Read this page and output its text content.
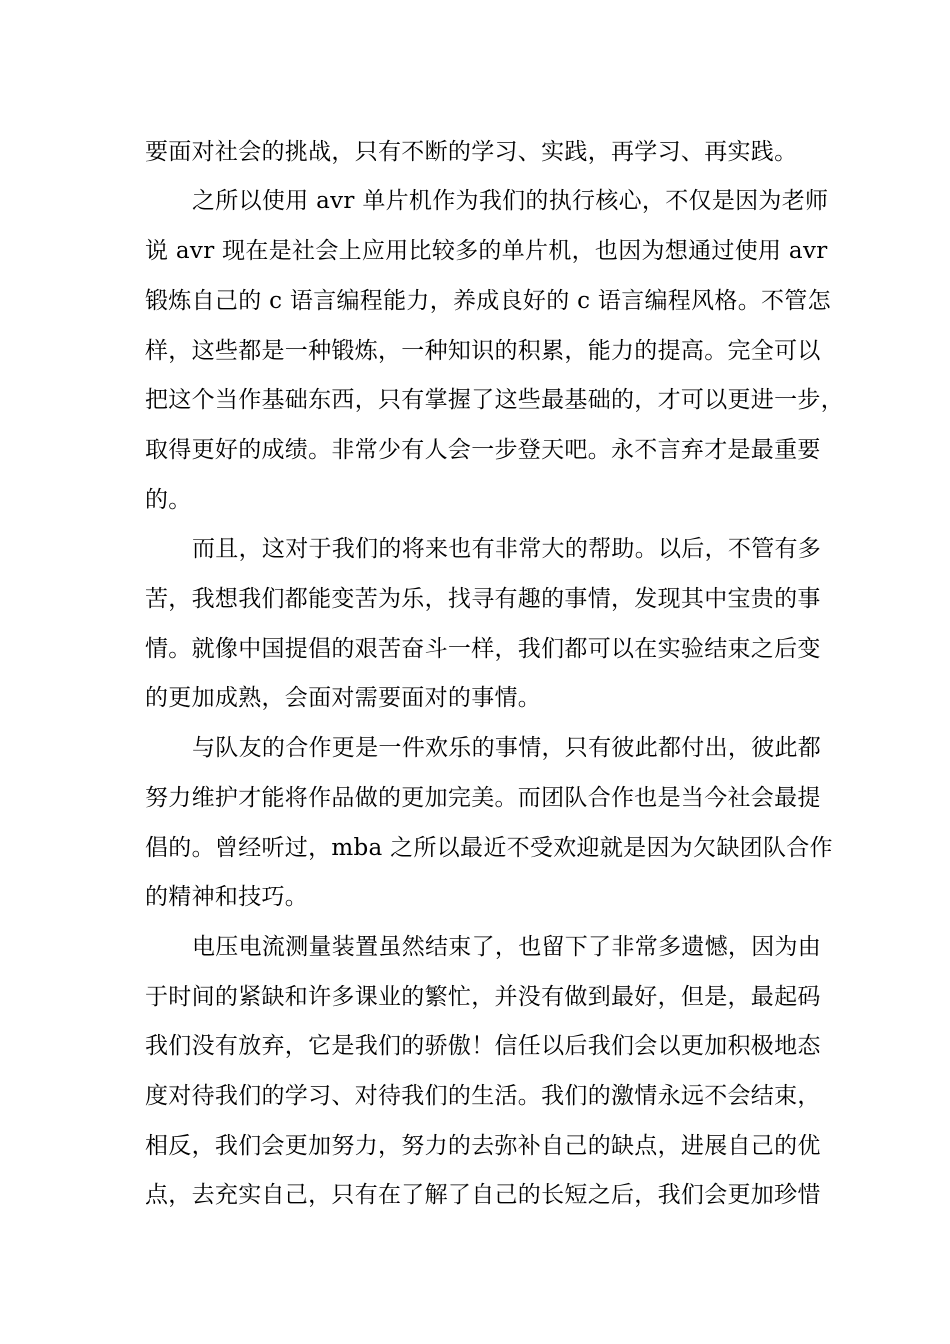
要面对社会的挑战，只有不断的学习、实践，再学习、再实践。
之所以使用 avr 单片机作为我们的执行核心，不仅是因为老师
说 avr 现在是社会上应用比较多的单片机，也因为想通过使用 avr
锻炼自己的 c 语言编程能力，养成良好的 c 语言编程风格。不管怎
样，这些都是一种锻炼，一种知识的积累，能力的提高。完全可以
把这个当作基础东西，只有掌握了这些最基础的，才可以更进一步，
取得更好的成绩。非常少有人会一步登天吧。永不言弃才是最重要
的。
而且，这对于我们的将来也有非常大的帮助。以后，不管有多
苦，我想我们都能变苦为乐，找寻有趣的事情，发现其中宝贵的事
情。就像中国提倡的艰苦奋斗一样，我们都可以在实验结束之后变
的更加成熟，会面对需要面对的事情。
与队友的合作更是一件欢乐的事情，只有彼此都付出，彼此都
努力维护才能将作品做的更加完美。而团队合作也是当今社会最提
倡的。曾经听过，mba 之所以最近不受欢迎就是因为欠缺团队合作
的精神和技巧。
电压电流测量装置虽然结束了，也留下了非常多遗憾，因为由
于时间的紧缺和许多课业的繁忙，并没有做到最好，但是，最起码
我们没有放弃，它是我们的骄傲！信任以后我们会以更加积极地态
度对待我们的学习、对待我们的生活。我们的激情永远不会结束，
相反，我们会更加努力，努力的去弥补自己的缺点，进展自己的优
点，去充实自己，只有在了解了自己的长短之后，我们会更加珍惜
